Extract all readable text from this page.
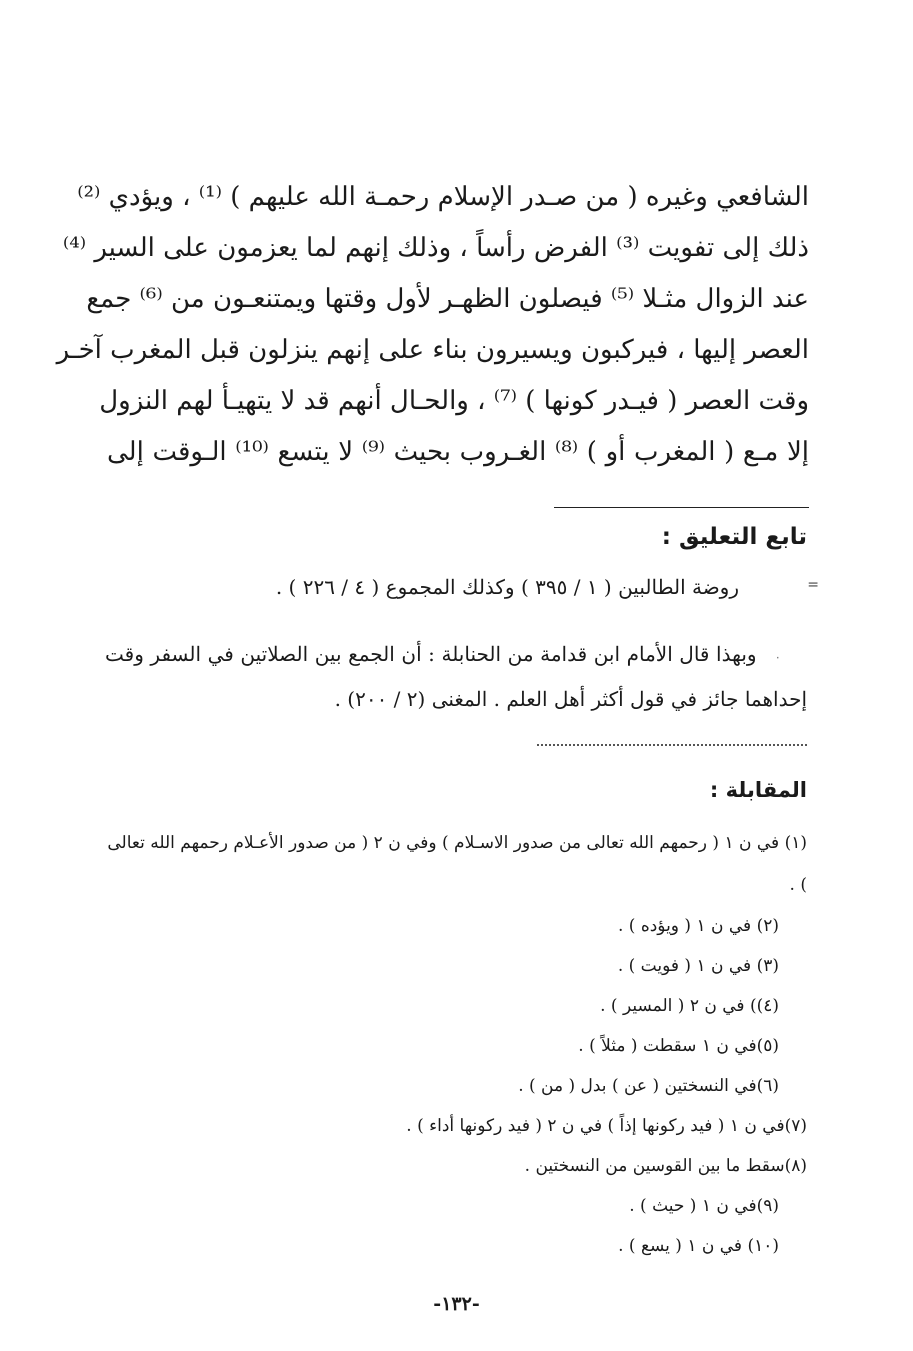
الشافعي وغيره ( من صـدر الإسلام رحمـة الله عليهم ) ⁽¹⁾ ، ويؤدي ⁽²⁾
ذلك إلى تفويت ⁽³⁾ الفرض رأساً ، وذلك إنهم لما يعزمون على السير ⁽⁴⁾
عند الزوال مثـلا ⁽⁵⁾ فيصلون الظهـر لأول وقتها ويمتنعـون من ⁽⁶⁾ جمع
العصر إليها ، فيركبون ويسيرون بناء على إنهم ينزلون قبل المغرب آخـر
وقت العصر ( فيـدر كونها ) ⁽⁷⁾ ، والحـال أنهم قد لا يتهيـأ لهم النزول
إلا مـع ( المغرب أو ) ⁽⁸⁾ الغـروب بحيث ⁽⁹⁾ لا يتسع ⁽¹⁰⁾ الـوقت إلى
تابع التعليق :
=
روضة الطالبين ( ١ / ٣٩٥ ) وكذلك المجموع ( ٤ / ٢٢٦ ) .
٠وبهذا قال الأمام ابن قدامة من الحنابلة : أن الجمع بين الصلاتين في السفر وقت إحداهما جائز في قول أكثر أهل العلم . المغنى (٢ / ٢٠٠) .
المقابلة :
(١) في ن ١ ( رحمهم الله تعالى من صدور الاسـلام ) وفي ن ٢ ( من صدور الأعـلام رحمهم الله تعالى ) .
(٢) في ن ١ ( ويؤده ) .
(٣) في ن ١ ( فويت ) .
(٤)) في ن ٢ ( المسير ) .
(٥)في ن ١ سقطت ( مثلاً ) .
(٦)في النسختين ( عن ) بدل ( من ) .
(٧)في ن ١ ( فيد ركونها إذاً ) في ن ٢ ( فيد ركونها أداء ) .
(٨)سقط ما بين القوسين من النسختين .
(٩)في ن ١ ( حيث ) .
(١٠) في ن ١ ( يسع ) .
-١٣٢-
